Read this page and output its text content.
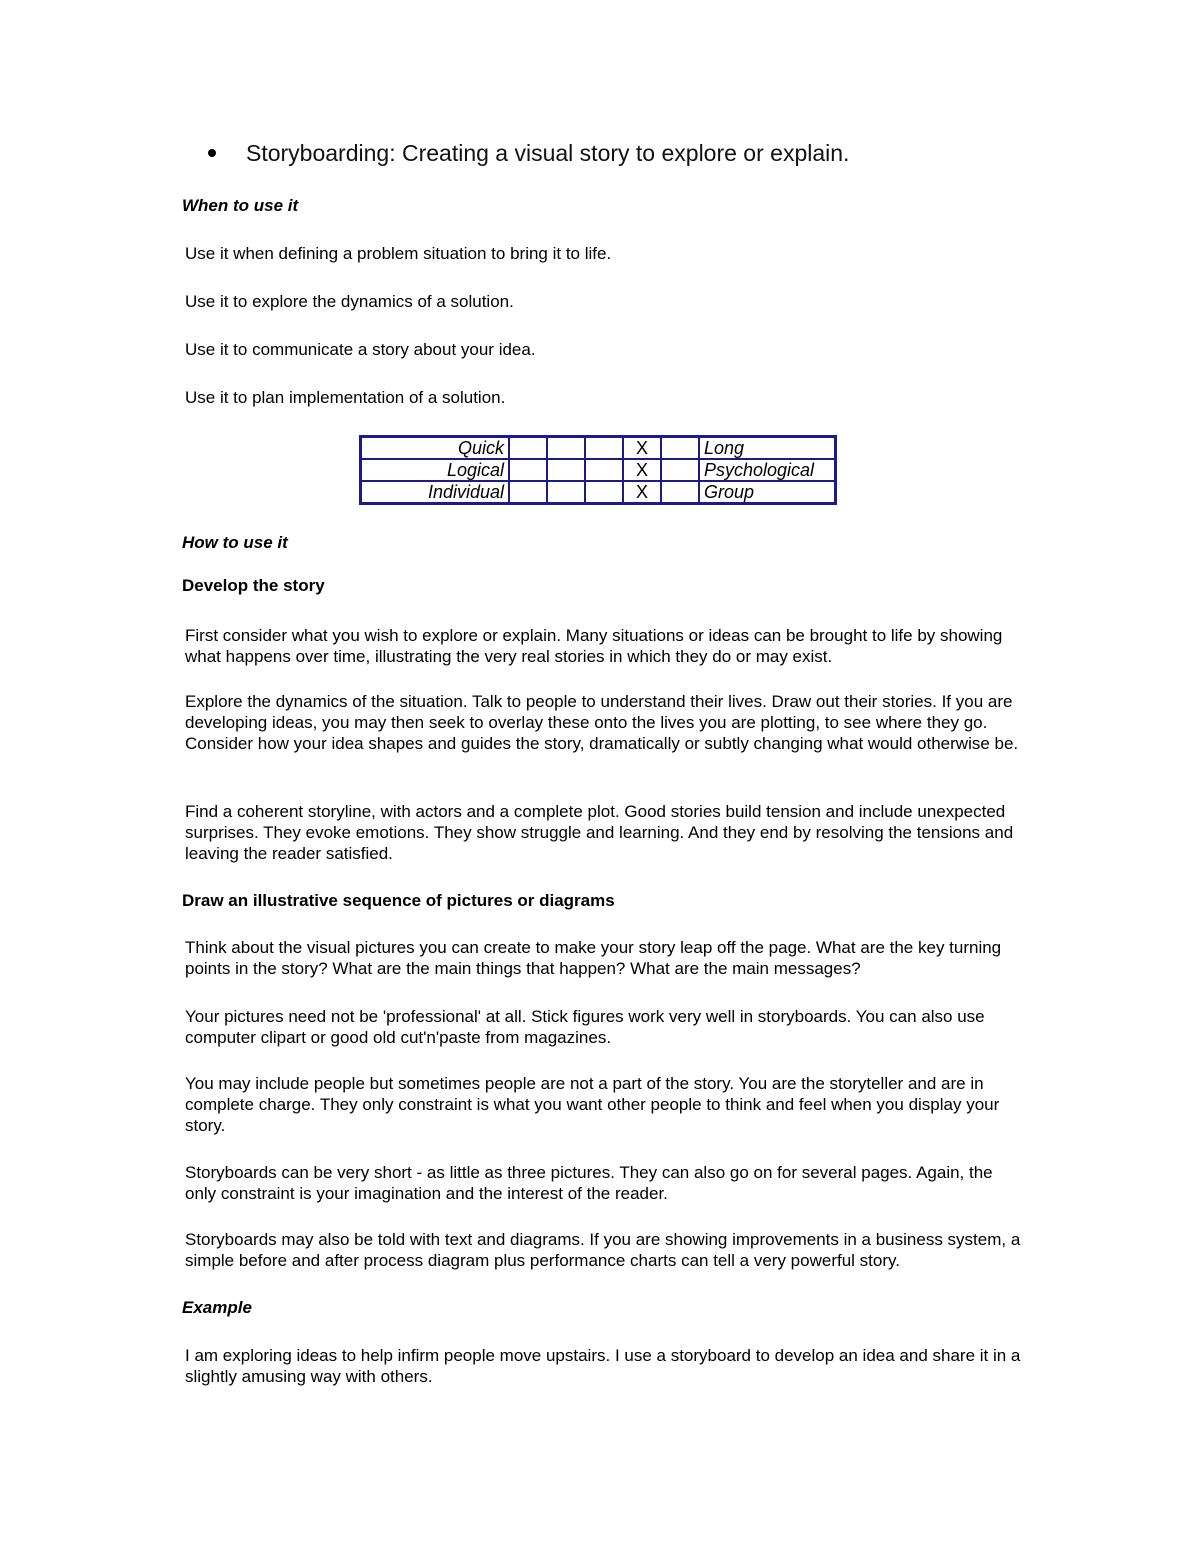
Storyboarding: Creating a visual story to explore or explain.
When to use it
Use it when defining a problem situation to bring it to life.
Use it to explore the dynamics of a solution.
Use it to communicate a story about your idea.
Use it to plan implementation of a solution.
Quick				X		Long
Logical				X		Psychological
Individual				X		Group
How to use it
Develop the story
First consider what you wish to explore or explain. Many situations or ideas can be brought to life by showing what happens over time, illustrating the very real stories in which they do or may exist.
Explore the dynamics of the situation. Talk to people to understand their lives. Draw out their stories. If you are developing ideas, you may then seek to overlay these onto the lives you are plotting, to see where they go. Consider how your idea shapes and guides the story, dramatically or subtly changing what would otherwise be.
Find a coherent storyline, with actors and a complete plot. Good stories build tension and include unexpected surprises. They evoke emotions. They show struggle and learning. And they end by resolving the tensions and leaving the reader satisfied.
Draw an illustrative sequence of pictures or diagrams
Think about the visual pictures you can create to make your story leap off the page. What are the key turning points in the story? What are the main things that happen? What are the main messages?
Your pictures need not be 'professional' at all. Stick figures work very well in storyboards. You can also use computer clipart or good old cut'n'paste from magazines.
You may include people but sometimes people are not a part of the story. You are the storyteller and are in complete charge. They only constraint is what you want other people to think and feel when you display your story.
Storyboards can be very short - as little as three pictures. They can also go on for several pages. Again, the only constraint is your imagination and the interest of the reader.
Storyboards may also be told with text and diagrams. If you are showing improvements in a business system, a simple before and after process diagram plus performance charts can tell a very powerful story.
Example
I am exploring ideas to help infirm people move upstairs. I use a storyboard to develop an idea and share it in a slightly amusing way with others.
